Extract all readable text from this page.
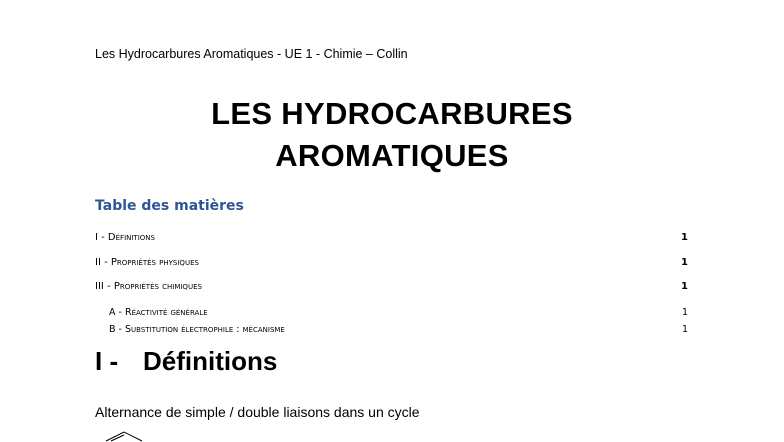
Les Hydrocarbures Aromatiques - UE 1 - Chimie – Collin
LES HYDROCARBURES
AROMATIQUES
Table des matières
I - Définitions	1
II - Propriétés physiques	1
III - Propriétés chimiques	1
A - Réactivité générale	1
B - Substitution électrophile : mécanisme	1
I - Définitions
Alternance de simple / double liaisons dans un cycle
